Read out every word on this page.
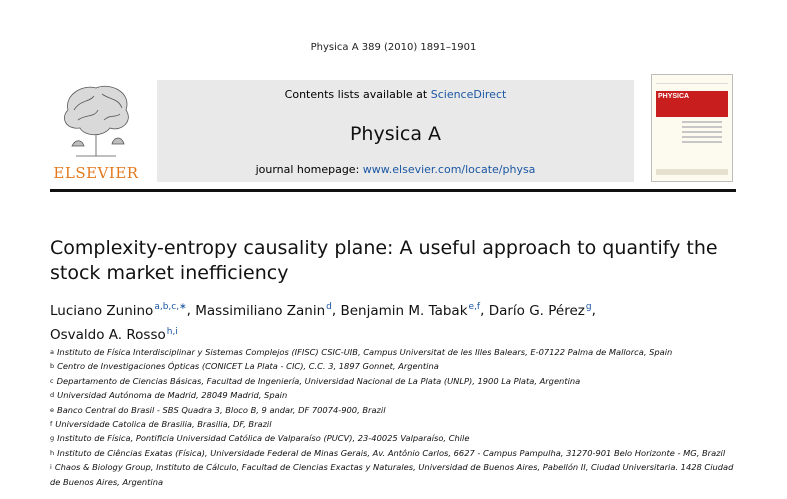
Physica A 389 (2010) 1891–1901
ELSEVIER
Contents lists available at ScienceDirect
Physica A
journal homepage: www.elsevier.com/locate/physa
PHYSICA
Complexity-entropy causality plane: A useful approach to quantify the stock market inefficiency
Luciano Zunino$^{a,b,c,∗}$, Massimiliano Zanin$^d$, Benjamin M. Tabak$^{e,f}$, Darío G. Pérez$^g$,
Osvaldo A. Rosso$^{h,i}$
$^a$ Instituto de Física Interdisciplinar y Sistemas Complejos (IFISC) CSIC-UIB, Campus Universitat de les Illes Balears, E-07122 Palma de Mallorca, Spain
$^b$ Centro de Investigaciones Ópticas (CONICET La Plata - CIC), C.C. 3, 1897 Gonnet, Argentina
$^c$ Departamento de Ciencias Básicas, Facultad de Ingeniería, Universidad Nacional de La Plata (UNLP), 1900 La Plata, Argentina
$^d$ Universidad Autónoma de Madrid, 28049 Madrid, Spain
$^e$ Banco Central do Brasil - SBS Quadra 3, Bloco B, 9 andar, DF 70074-900, Brazil
$^f$ Universidade Catolica de Brasilia, Brasilia, DF, Brazil
$^g$ Instituto de Física, Pontificia Universidad Católica de Valparaíso (PUCV), 23-40025 Valparaíso, Chile
$^h$ Instituto de Ciências Exatas (Física), Universidade Federal de Minas Gerais, Av. Antônio Carlos, 6627 - Campus Pampulha, 31270-901 Belo Horizonte - MG, Brazil
$^i$ Chaos & Biology Group, Instituto de Cálculo, Facultad de Ciencias Exactas y Naturales, Universidad de Buenos Aires, Pabellón II, Ciudad Universitaria. 1428 Ciudad de Buenos Aires, Argentina
